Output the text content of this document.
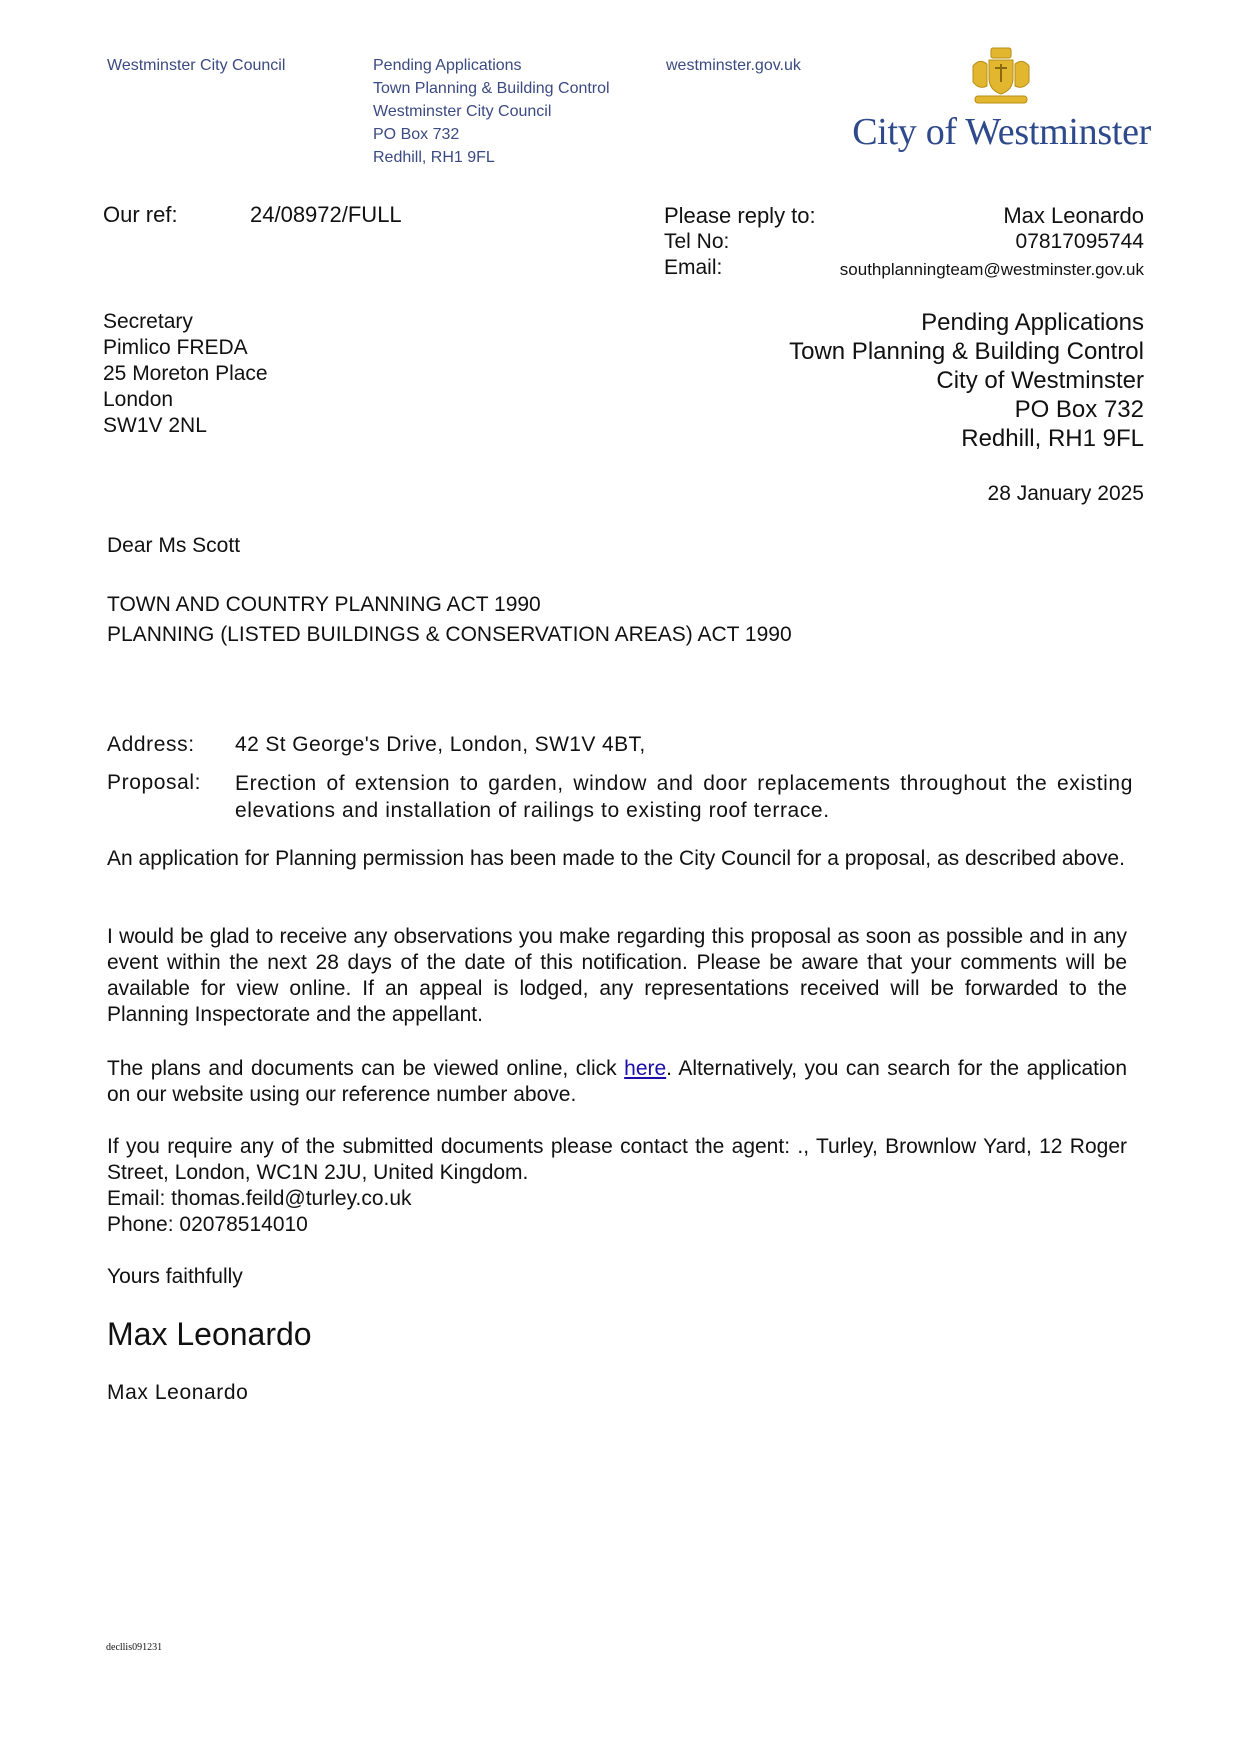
Westminster City Council	Pending Applications
Town Planning & Building Control
Westminster City Council
PO Box 732
Redhill, RH1 9FL
westminster.gov.uk
City of Westminster
Our ref:	24/08972/FULL	Please reply to:	Max Leonardo
Tel No:	07817095744
Email:	southplanningteam@westminster.gov.uk
Secretary
Pimlico FREDA
25 Moreton Place
London
SW1V 2NL
Pending Applications
Town Planning & Building Control
City of Westminster
PO Box 732
Redhill, RH1 9FL
28 January 2025
Dear Ms Scott
TOWN AND COUNTRY PLANNING ACT 1990
PLANNING (LISTED BUILDINGS & CONSERVATION AREAS) ACT 1990
Address: 42 St George's Drive, London, SW1V 4BT,
Proposal: Erection of extension to garden, window and door replacements throughout the existing elevations and installation of railings to existing roof terrace.
An application for Planning permission has been made to the City Council for a proposal, as described above.
I would be glad to receive any observations you make regarding this proposal as soon as possible and in any event within the next 28 days of the date of this notification. Please be aware that your comments will be available for view online. If an appeal is lodged, any representations received will be forwarded to the Planning Inspectorate and the appellant.
The plans and documents can be viewed online, click here. Alternatively, you can search for the application on our website using our reference number above.
If you require any of the submitted documents please contact the agent: ., Turley, Brownlow Yard, 12 Roger Street, London, WC1N 2JU, United Kingdom.
Email: thomas.feild@turley.co.uk
Phone: 02078514010
Yours faithfully
Max Leonardo
Max Leonardo
decllis091231
